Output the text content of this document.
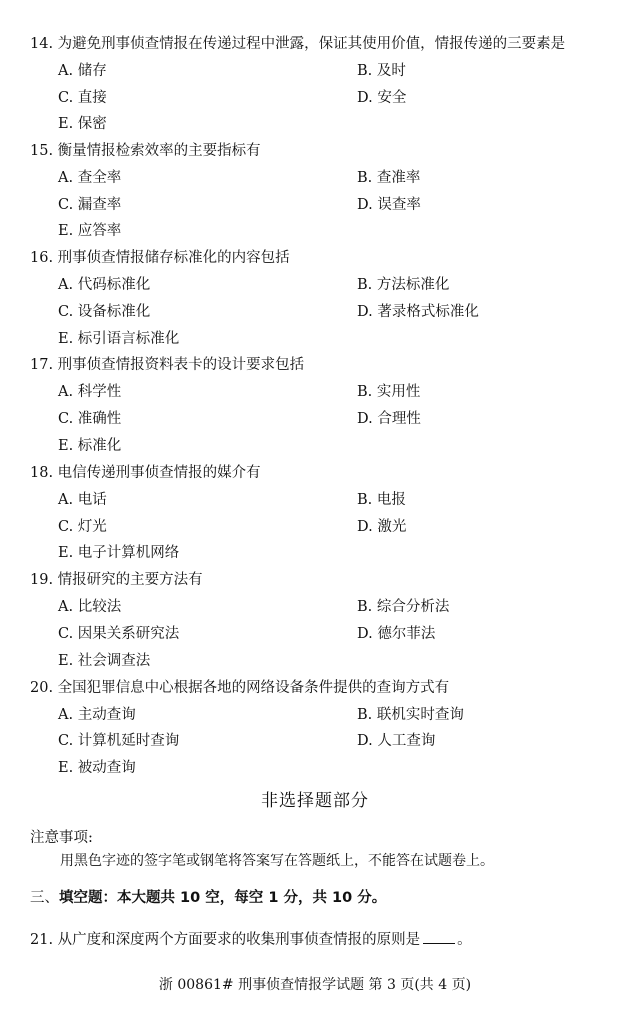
14. 为避免刑事侦查情报在传递过程中泄露，保证其使用价值，情报传递的三要素是
A. 储存	B. 及时
C. 直接	D. 安全
E. 保密
15. 衡量情报检索效率的主要指标有
A. 查全率	B. 查准率
C. 漏查率	D. 误查率
E. 应答率
16. 刑事侦查情报储存标准化的内容包括
A. 代码标准化	B. 方法标准化
C. 设备标准化	D. 著录格式标准化
E. 标引语言标准化
17. 刑事侦查情报资料表卡的设计要求包括
A. 科学性	B. 实用性
C. 准确性	D. 合理性
E. 标准化
18. 电信传递刑事侦查情报的媒介有
A. 电话	B. 电报
C. 灯光	D. 激光
E. 电子计算机网络
19. 情报研究的主要方法有
A. 比较法	B. 综合分析法
C. 因果关系研究法	D. 德尔菲法
E. 社会调查法
20. 全国犯罪信息中心根据各地的网络设备条件提供的查询方式有
A. 主动查询	B. 联机实时查询
C. 计算机延时查询	D. 人工查询
E. 被动查询
非选择题部分
注意事项:
用黑色字迹的签字笔或钢笔将答案写在答题纸上，不能答在试题卷上。
三、填空题：本大题共 10 空，每空 1 分，共 10 分。
21. 从广度和深度两个方面要求的收集刑事侦查情报的原则是	。
浙 00861# 刑事侦查情报学试题 第 3 页(共 4 页)
